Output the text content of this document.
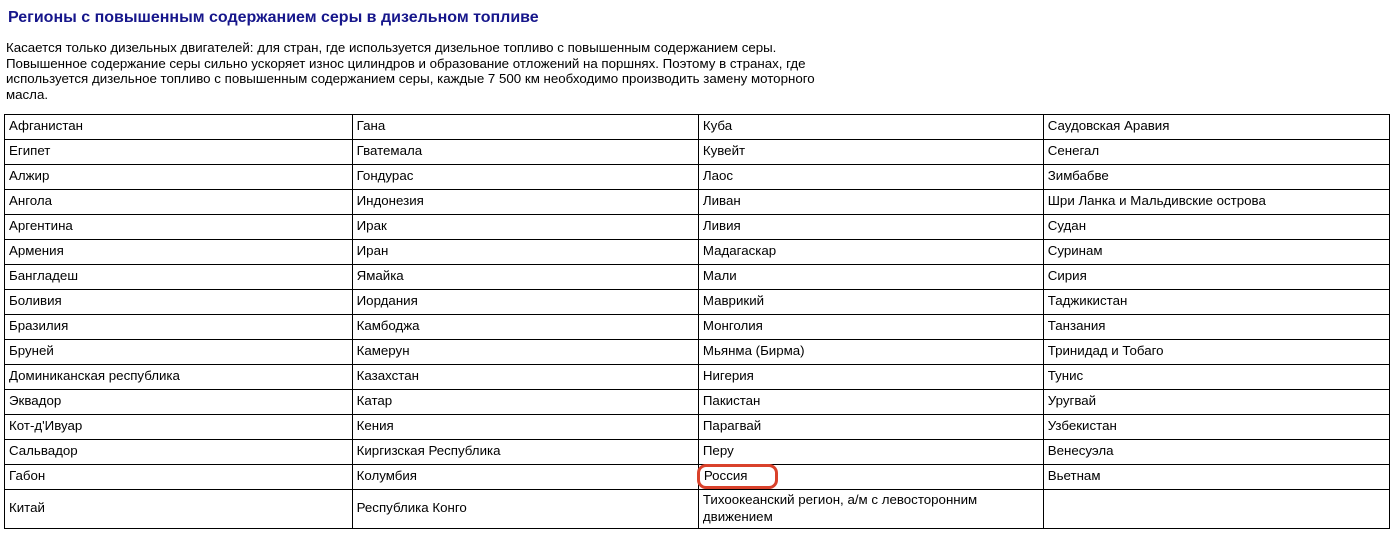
Регионы с повышенным содержанием серы в дизельном топливе

Касается только дизельных двигателей: для стран, где используется дизельное топливо с повышенным содержанием серы. Повышенное содержание серы сильно ускоряет износ цилиндров и образование отложений на поршнях. Поэтому в странах, где используется дизельное топливо с повышенным содержанием серы, каждые 7 500 км необходимо производить замену моторного масла.

Афганистан	Гана	Куба	Саудовская Аравия
Египет	Гватемала	Кувейт	Сенегал
Алжир	Гондурас	Лаос	Зимбабве
Ангола	Индонезия	Ливан	Шри Ланка и Мальдивские острова
Аргентина	Ирак	Ливия	Судан
Армения	Иран	Мадагаскар	Суринам
Бангладеш	Ямайка	Мали	Сирия
Боливия	Иордания	Маврикий	Таджикистан
Бразилия	Камбоджа	Монголия	Танзания
Бруней	Камерун	Мьянма (Бирма)	Тринидад и Тобаго
Доминиканская республика	Казахстан	Нигерия	Тунис
Эквадор	Катар	Пакистан	Уругвай
Кот-д'Ивуар	Кения	Парагвай	Узбекистан
Сальвадор	Киргизская Республика	Перу	Венесуэла
Габон	Колумбия	Россия	Вьетнам
Китай	Республика Конго	Тихоокеанский регион, а/м с левосторонним движением	
